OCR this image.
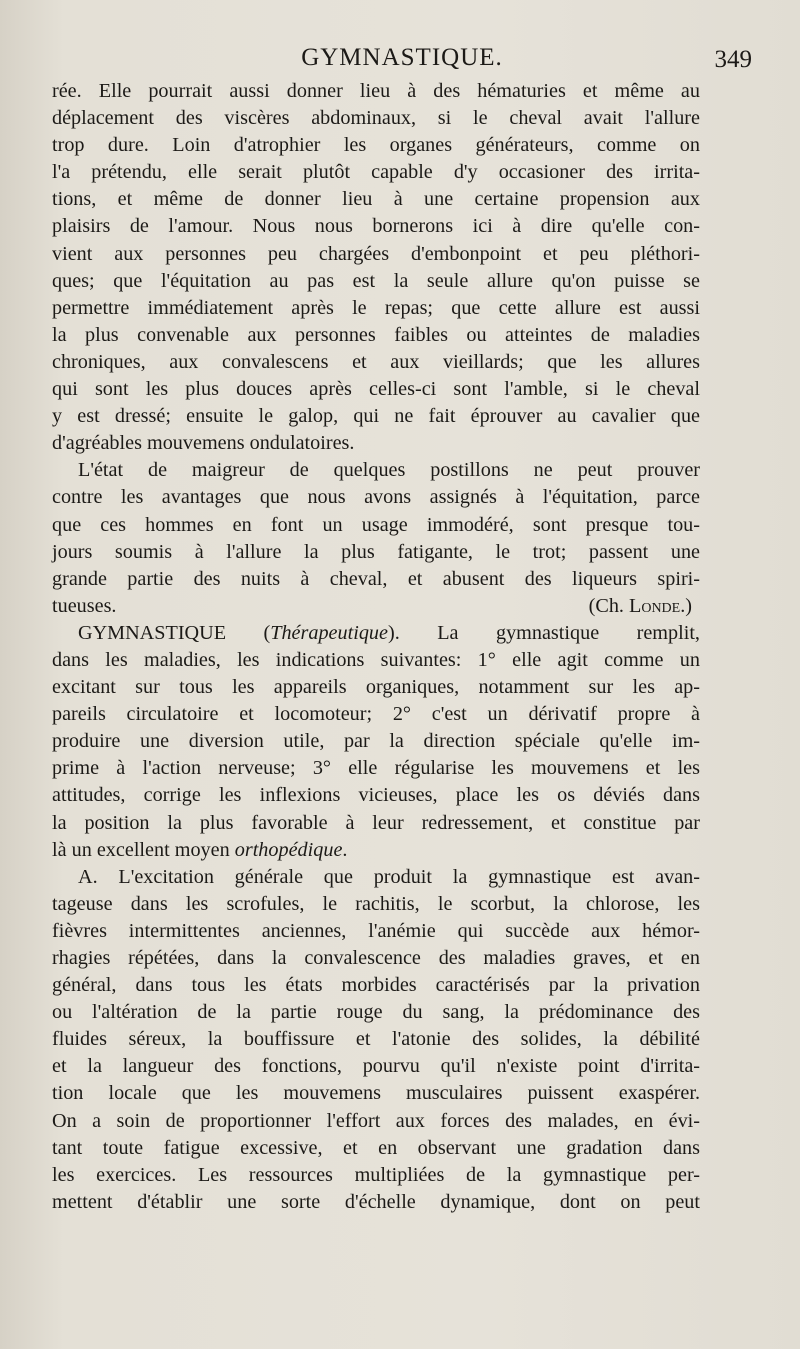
GYMNASTIQUE.	349
rée. Elle pourrait aussi donner lieu à des hématuries et même au
déplacement des viscères abdominaux, si le cheval avait l'allure
trop dure. Loin d'atrophier les organes générateurs, comme on
l'a prétendu, elle serait plutôt capable d'y occasioner des irrita-
tions, et même de donner lieu à une certaine propension aux
plaisirs de l'amour. Nous nous bornerons ici à dire qu'elle con-
vient aux personnes peu chargées d'embonpoint et peu pléthori-
ques; que l'équitation au pas est la seule allure qu'on puisse se
permettre immédiatement après le repas; que cette allure est aussi
la plus convenable aux personnes faibles ou atteintes de maladies
chroniques, aux convalescens et aux vieillards; que les allures
qui sont les plus douces après celles-ci sont l'amble, si le cheval
y est dressé; ensuite le galop, qui ne fait éprouver au cavalier que
d'agréables mouvemens ondulatoires.
L'état de maigreur de quelques postillons ne peut prouver
contre les avantages que nous avons assignés à l'équitation, parce
que ces hommes en font un usage immodéré, sont presque tou-
jours soumis à l'allure la plus fatigante, le trot; passent une
grande partie des nuits à cheval, et abusent des liqueurs spiri-
tueuses.	(Ch. Londe.)
GYMNASTIQUE (Thérapeutique). La gymnastique remplit,
dans les maladies, les indications suivantes: 1° elle agit comme un
excitant sur tous les appareils organiques, notamment sur les ap-
pareils circulatoire et locomoteur; 2° c'est un dérivatif propre à
produire une diversion utile, par la direction spéciale qu'elle im-
prime à l'action nerveuse; 3° elle régularise les mouvemens et les
attitudes, corrige les inflexions vicieuses, place les os déviés dans
la position la plus favorable à leur redressement, et constitue par
là un excellent moyen orthopédique.
A. L'excitation générale que produit la gymnastique est avan-
tageuse dans les scrofules, le rachitis, le scorbut, la chlorose, les
fièvres intermittentes anciennes, l'anémie qui succède aux hémor-
rhagies répétées, dans la convalescence des maladies graves, et en
général, dans tous les états morbides caractérisés par la privation
ou l'altération de la partie rouge du sang, la prédominance des
fluides séreux, la bouffissure et l'atonie des solides, la débilité
et la langueur des fonctions, pourvu qu'il n'existe point d'irrita-
tion locale que les mouvemens musculaires puissent exaspérer.
On a soin de proportionner l'effort aux forces des malades, en évi-
tant toute fatigue excessive, et en observant une gradation dans
les exercices. Les ressources multipliées de la gymnastique per-
mettent d'établir une sorte d'échelle dynamique, dont on peut
